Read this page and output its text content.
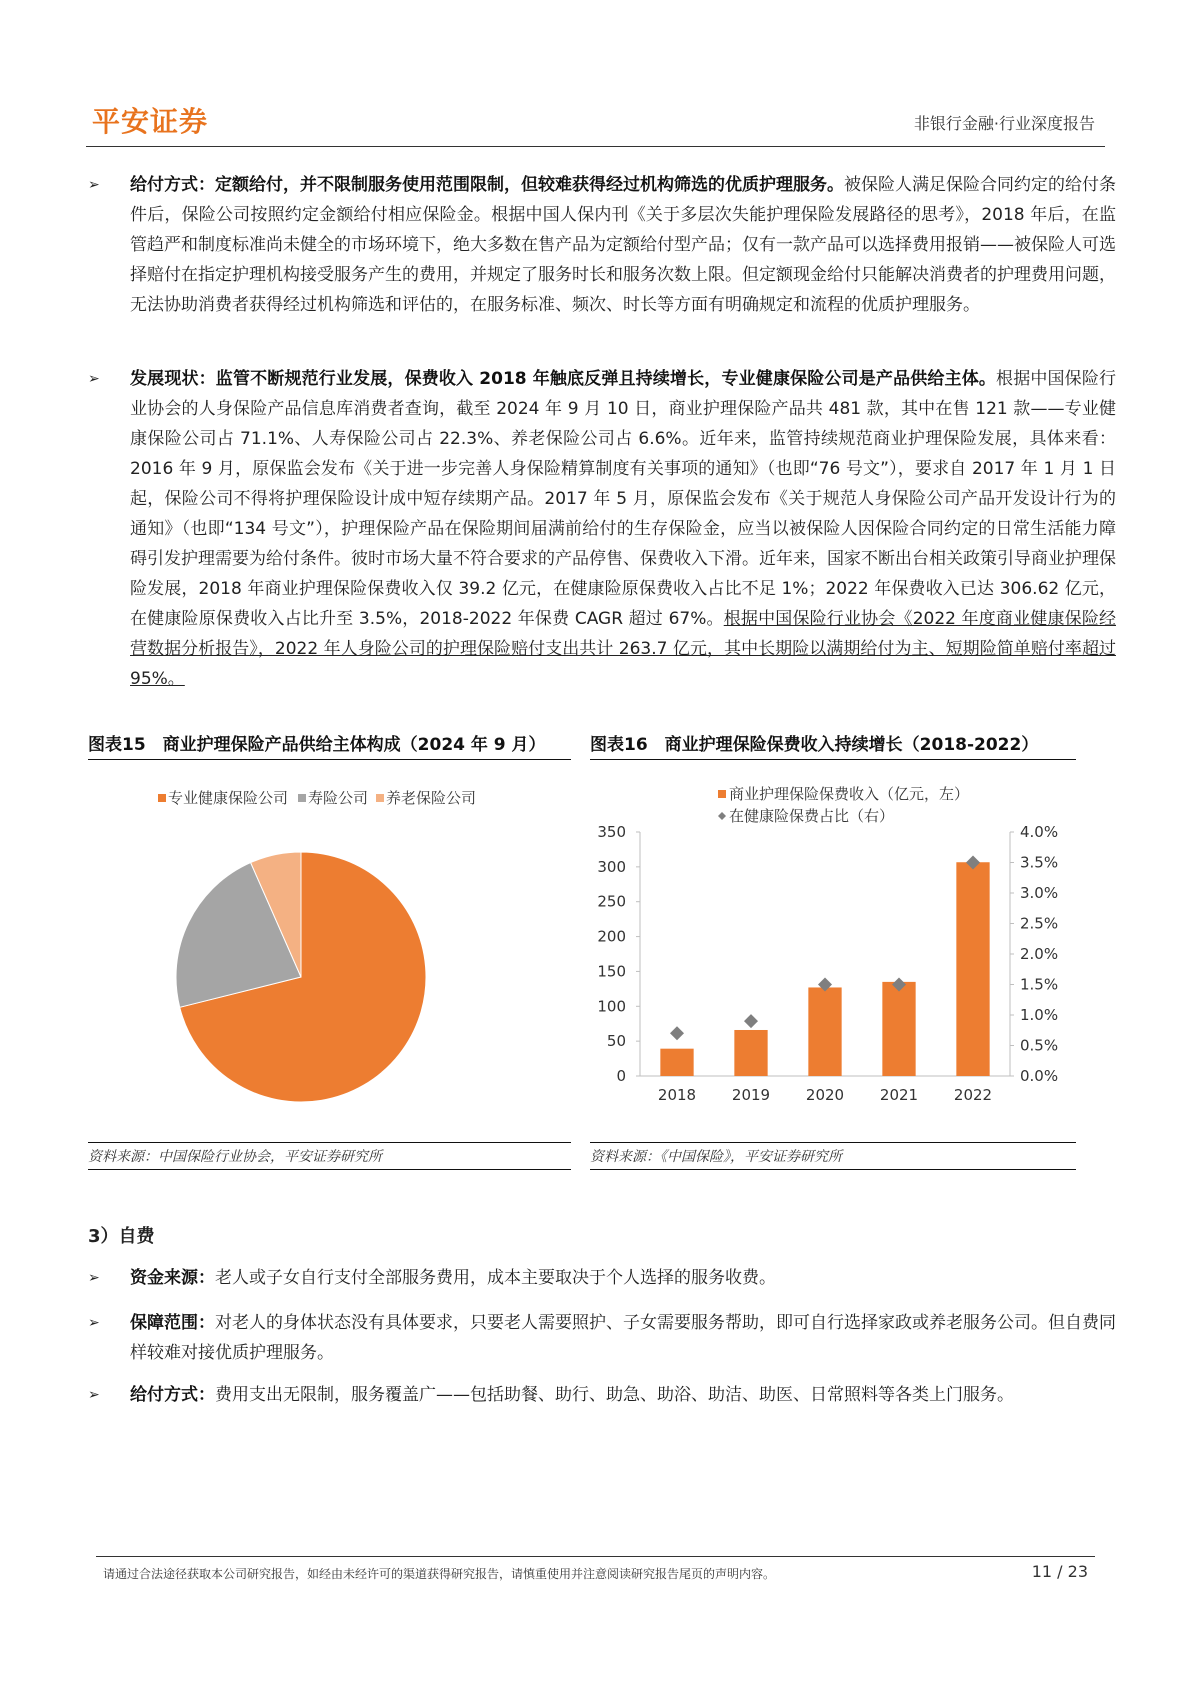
平安证券	非银行金融·行业深度报告
➢ 给付方式：定额给付，并不限制服务使用范围限制，但较难获得经过机构筛选的优质护理服务。被保险人满足保险合同约定的给付条件后，保险公司按照约定金额给付相应保险金。根据中国人保内刊《关于多层次失能护理保险发展路径的思考》，2018 年后，在监管趋严和制度标准尚未健全的市场环境下，绝大多数在售产品为定额给付型产品；仅有一款产品可以选择费用报销——被保险人可选择赔付在指定护理机构接受服务产生的费用，并规定了服务时长和服务次数上限。但定额现金给付只能解决消费者的护理费用问题，无法协助消费者获得经过机构筛选和评估的，在服务标准、频次、时长等方面有明确规定和流程的优质护理服务。
➢ 发展现状：监管不断规范行业发展，保费收入 2018 年触底反弹且持续增长，专业健康保险公司是产品供给主体。根据中国保险行业协会的人身保险产品信息库消费者查询，截至 2024 年 9 月 10 日，商业护理保险产品共 481 款，其中在售 121 款——专业健康保险公司占 71.1%、人寿保险公司占 22.3%、养老保险公司占 6.6%。近年来，监管持续规范商业护理保险发展，具体来看：2016 年 9 月，原保监会发布《关于进一步完善人身保险精算制度有关事项的通知》（也即“76 号文”），要求自 2017 年 1 月 1 日起，保险公司不得将护理保险设计成中短存续期产品。2017 年 5 月，原保监会发布《关于规范人身保险公司产品开发设计行为的通知》（也即“134 号文”），护理保险产品在保险期间届满前给付的生存保险金，应当以被保险人因保险合同约定的日常生活能力障碍引发护理需要为给付条件。彼时市场大量不符合要求的产品停售、保费收入下滑。近年来，国家不断出台相关政策引导商业护理保险发展，2018 年商业护理保险保费收入仅 39.2 亿元，在健康险原保费收入占比不足 1%；2022 年保费收入已达 306.62 亿元，在健康险原保费收入占比升至 3.5%，2018-2022 年保费 CAGR 超过 67%。根据中国保险行业协会《2022 年度商业健康保险经营数据分析报告》，2022 年人身险公司的护理保险赔付支出共计 263.7 亿元，其中长期险以满期给付为主、短期险简单赔付率超过 95%。
图表15　商业护理保险产品供给主体构成（2024 年 9 月）	图表16　商业护理保险保费收入持续增长（2018-2022）
专业健康保险公司 寿险公司 养老保险公司	商业护理保险保费收入（亿元，左）
在健康险保费占比（右）
0
50
100
150
200
250
300
350
0.0%
0.5%
1.0%
1.5%
2.0%
2.5%
3.0%
3.5%
4.0%
2018 2019 2020 2021 2022
资料来源：中国保险行业协会，平安证券研究所	资料来源：《中国保险》，平安证券研究所
3）自费
➢ 资金来源：老人或子女自行支付全部服务费用，成本主要取决于个人选择的服务收费。
➢ 保障范围：对老人的身体状态没有具体要求，只要老人需要照护、子女需要服务帮助，即可自行选择家政或养老服务公司。但自费同样较难对接优质护理服务。
➢ 给付方式：费用支出无限制，服务覆盖广——包括助餐、助行、助急、助浴、助洁、助医、日常照料等各类上门服务。
请通过合法途径获取本公司研究报告，如经由未经许可的渠道获得研究报告，请慎重使用并注意阅读研究报告尾页的声明内容。	11 / 23
